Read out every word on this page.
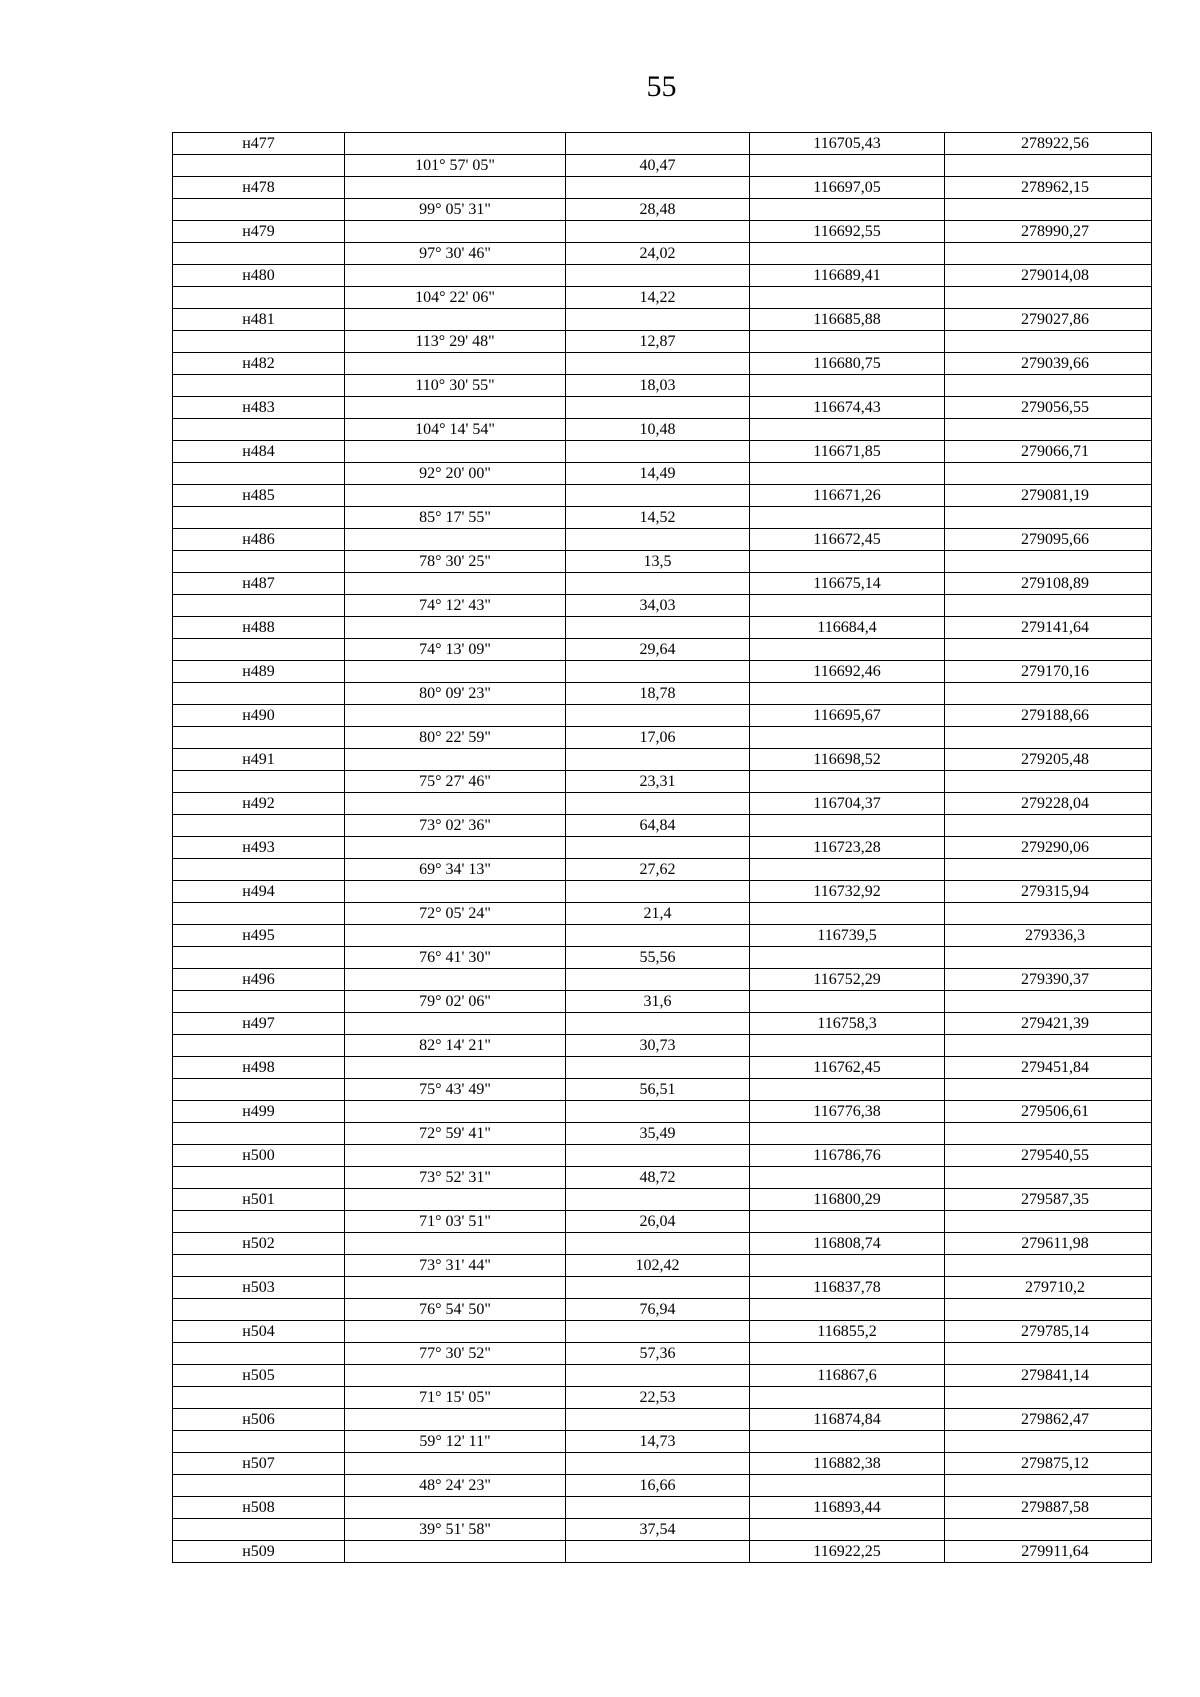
55
н477			116705,43	278922,56
	101° 57' 05"	40,47		
н478			116697,05	278962,15
	99° 05' 31"	28,48		
н479			116692,55	278990,27
	97° 30' 46"	24,02		
н480			116689,41	279014,08
	104° 22' 06"	14,22		
н481			116685,88	279027,86
	113° 29' 48"	12,87		
н482			116680,75	279039,66
	110° 30' 55"	18,03		
н483			116674,43	279056,55
	104° 14' 54"	10,48		
н484			116671,85	279066,71
	92° 20' 00"	14,49		
н485			116671,26	279081,19
	85° 17' 55"	14,52		
н486			116672,45	279095,66
	78° 30' 25"	13,5		
н487			116675,14	279108,89
	74° 12' 43"	34,03		
н488			116684,4	279141,64
	74° 13' 09"	29,64		
н489			116692,46	279170,16
	80° 09' 23"	18,78		
н490			116695,67	279188,66
	80° 22' 59"	17,06		
н491			116698,52	279205,48
	75° 27' 46"	23,31		
н492			116704,37	279228,04
	73° 02' 36"	64,84		
н493			116723,28	279290,06
	69° 34' 13"	27,62		
н494			116732,92	279315,94
	72° 05' 24"	21,4		
н495			116739,5	279336,3
	76° 41' 30"	55,56		
н496			116752,29	279390,37
	79° 02' 06"	31,6		
н497			116758,3	279421,39
	82° 14' 21"	30,73		
н498			116762,45	279451,84
	75° 43' 49"	56,51		
н499			116776,38	279506,61
	72° 59' 41"	35,49		
н500			116786,76	279540,55
	73° 52' 31"	48,72		
н501			116800,29	279587,35
	71° 03' 51"	26,04		
н502			116808,74	279611,98
	73° 31' 44"	102,42		
н503			116837,78	279710,2
	76° 54' 50"	76,94		
н504			116855,2	279785,14
	77° 30' 52"	57,36		
н505			116867,6	279841,14
	71° 15' 05"	22,53		
н506			116874,84	279862,47
	59° 12' 11"	14,73		
н507			116882,38	279875,12
	48° 24' 23"	16,66		
н508			116893,44	279887,58
	39° 51' 58"	37,54		
н509			116922,25	279911,64
